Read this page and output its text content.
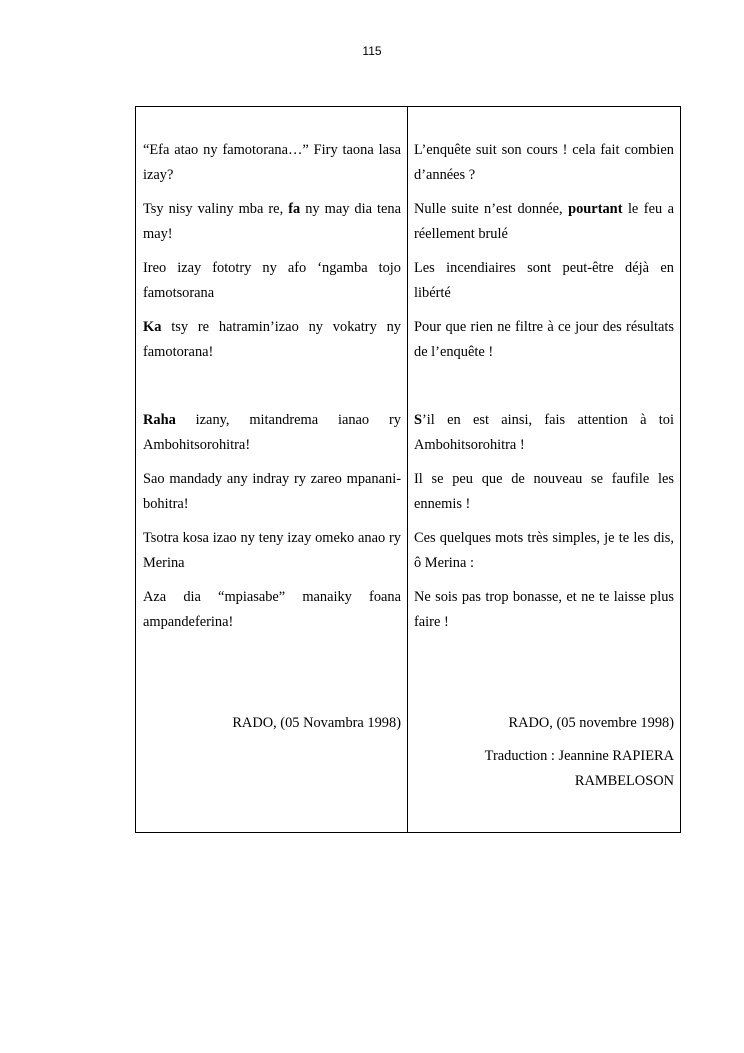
115

“Efa atao ny famotorana…” Firy taona lasa izay?

Tsy nisy valiny mba re, fa ny may dia tena may!

Ireo izay fototry ny afo ‘ngamba tojo famotsorana

Ka tsy re hatramin’izao ny vokatry ny famotorana!

Raha izany, mitandrema ianao ry Ambohitsorohitra!

Sao mandady any indray ry zareo mpanani-bohitra!

Tsotra kosa izao ny teny izay omeko anao ry Merina

Aza dia “mpiasabe” manaiky foana ampandeferina!

RADO, (05 Novambra 1998)

L’enquête suit son cours ! cela fait combien d’années ?

Nulle suite n’est donnée, pourtant le feu a réellement brulé

Les incendiaires sont peut-être déjà en libérté

Pour que rien ne filtre à ce jour des résultats de l’enquête !

S’il en est ainsi, fais attention à toi Ambohitsorohitra !

Il se peu que de nouveau se faufile les ennemis !

Ces quelques mots très simples, je te les dis, ô Merina :

Ne sois pas trop bonasse, et ne te laisse plus faire !

RADO, (05 novembre 1998)

Traduction : Jeannine RAPIERA RAMBELOSON
